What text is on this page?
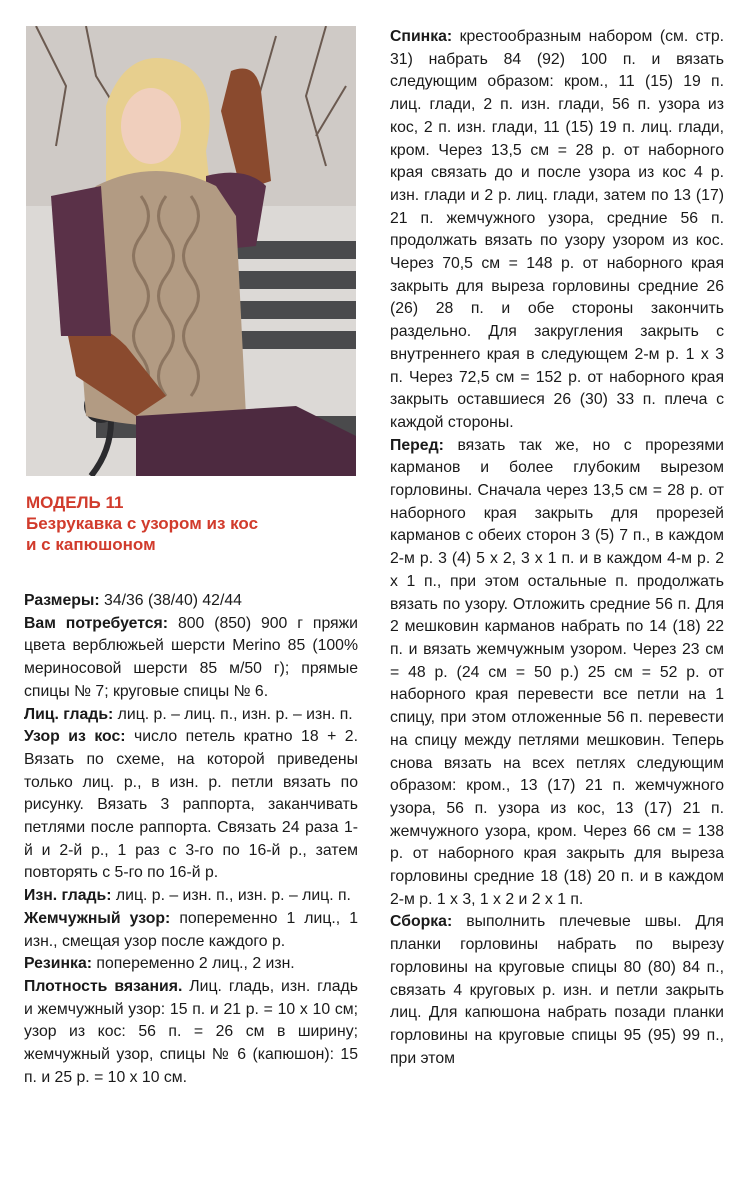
МОДЕЛЬ 11

Безрукавка с узором из кос

и с капюшоном

Размеры: 34/36 (38/40) 42/44

Вам потребуется: 800 (850) 900 г пряжи цвета верблюжьей шерсти Merino 85 (100% мериносовой шерсти 85 м/50 г); прямые спицы № 7; круговые спицы № 6.

Лиц. гладь: лиц. р. – лиц. п., изн. р. – изн. п.

Узор из кос: число петель кратно 18 + 2. Вязать по схеме, на которой приведены только лиц. р., в изн. р. петли вязать по рисунку. Вязать 3 раппорта, заканчивать петлями после раппорта. Связать 24 раза 1-й и 2-й р., 1 раз с 3-го по 16-й р., затем повторять с 5-го по 16-й р.

Изн. гладь: лиц. р. – изн. п., изн. р. – лиц. п.

Жемчужный узор: попеременно 1 лиц., 1 изн., смещая узор после каждого р.

Резинка: попеременно 2 лиц., 2 изн.

Плотность вязания. Лиц. гладь, изн. гладь и жемчужный узор: 15 п. и 21 р. = 10 x 10 см; узор из кос: 56 п. = 26 см в ширину; жемчужный узор, спицы № 6 (капюшон): 15 п. и 25 р. = 10 x 10 см.

Спинка: крестообразным набором (см. стр. 31) набрать 84 (92) 100 п. и вязать следующим образом: кром., 11 (15) 19 п. лиц. глади, 2 п. изн. глади, 56 п. узора из кос, 2 п. изн. глади, 11 (15) 19 п. лиц. глади, кром. Через 13,5 см = 28 р. от наборного края связать до и после узора из кос 4 р. изн. глади и 2 р. лиц. глади, затем по 13 (17) 21 п. жемчужного узора, средние 56 п. продолжать вязать по узору узором из кос. Через 70,5 см = 148 р. от наборного края закрыть для выреза горловины средние 26 (26) 28 п. и обе стороны закончить раздельно. Для закругления закрыть с внутреннего края в следующем 2-м р. 1 х 3 п. Через 72,5 см = 152 р. от наборного края закрыть оставшиеся 26 (30) 33 п. плеча с каждой стороны.

Перед: вязать так же, но с прорезями карманов и более глубоким вырезом горловины. Сначала через 13,5 см = 28 р. от наборного края закрыть для прорезей карманов с обеих сторон 3 (5) 7 п., в каждом 2-м р. 3 (4) 5 х 2, 3 х 1 п. и в каждом 4-м р. 2 х 1 п., при этом остальные п. продолжать вязать по узору. Отложить средние 56 п. Для 2 мешковин карманов набрать по 14 (18) 22 п. и вязать жемчужным узором. Через 23 см = 48 р. (24 см = 50 р.) 25 см = 52 р. от наборного края перевести все петли на 1 спицу, при этом отложенные 56 п. перевести на спицу между петлями мешковин. Теперь снова вязать на всех петлях следующим образом: кром., 13 (17) 21 п. жемчужного узора, 56 п. узора из кос, 13 (17) 21 п. жемчужного узора, кром. Через 66 см = 138 р. от наборного края закрыть для выреза горловины средние 18 (18) 20 п. и в каждом 2-м р. 1 х 3, 1 х 2 и 2 х 1 п.

Сборка: выполнить плечевые швы. Для планки горловины набрать по вырезу горловины на круговые спицы 80 (80) 84 п., связать 4 круговых р. изн. и петли закрыть лиц. Для капюшона набрать позади планки горловины на круговые спицы 95 (95) 99 п., при этом
